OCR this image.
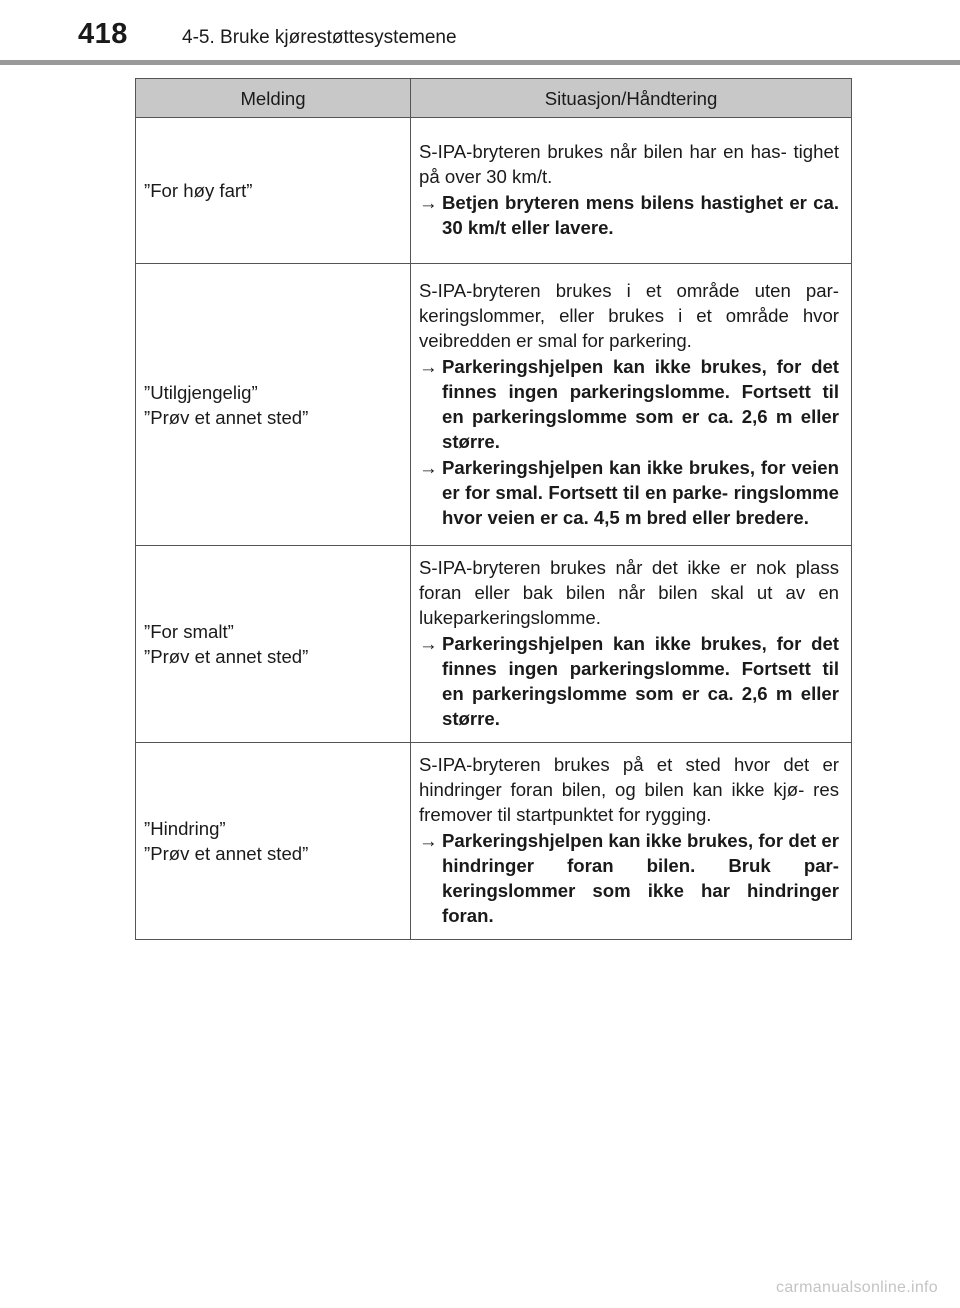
418	4-5. Bruke kjørestøttesystemene
Melding	Situasjon/Håndtering

”For høy fart”	S-IPA-bryteren brukes når bilen har en has- tighet på over 30 km/t.
→ Betjen bryteren mens bilens hastighet er ca. 30 km/t eller lavere.

”Utilgjengelig”
”Prøv et annet sted”	S-IPA-bryteren brukes i et område uten par- keringslommer, eller brukes i et område hvor veibredden er smal for parkering.
→ Parkeringshjelpen kan ikke brukes, for det finnes ingen parkeringslomme. Fortsett til en parkeringslomme som er ca. 2,6 m eller større.
→ Parkeringshjelpen kan ikke brukes, for veien er for smal. Fortsett til en parke- ringslomme hvor veien er ca. 4,5 m bred eller bredere.

”For smalt”
”Prøv et annet sted”	S-IPA-bryteren brukes når det ikke er nok plass foran eller bak bilen når bilen skal ut av en lukeparkeringslomme.
→ Parkeringshjelpen kan ikke brukes, for det finnes ingen parkeringslomme. Fortsett til en parkeringslomme som er ca. 2,6 m eller større.

”Hindring”
”Prøv et annet sted”	S-IPA-bryteren brukes på et sted hvor det er hindringer foran bilen, og bilen kan ikke kjø- res fremover til startpunktet for rygging.
→ Parkeringshjelpen kan ikke brukes, for det er hindringer foran bilen. Bruk par- keringslommer som ikke har hindringer foran.
carmanualsonline.info
